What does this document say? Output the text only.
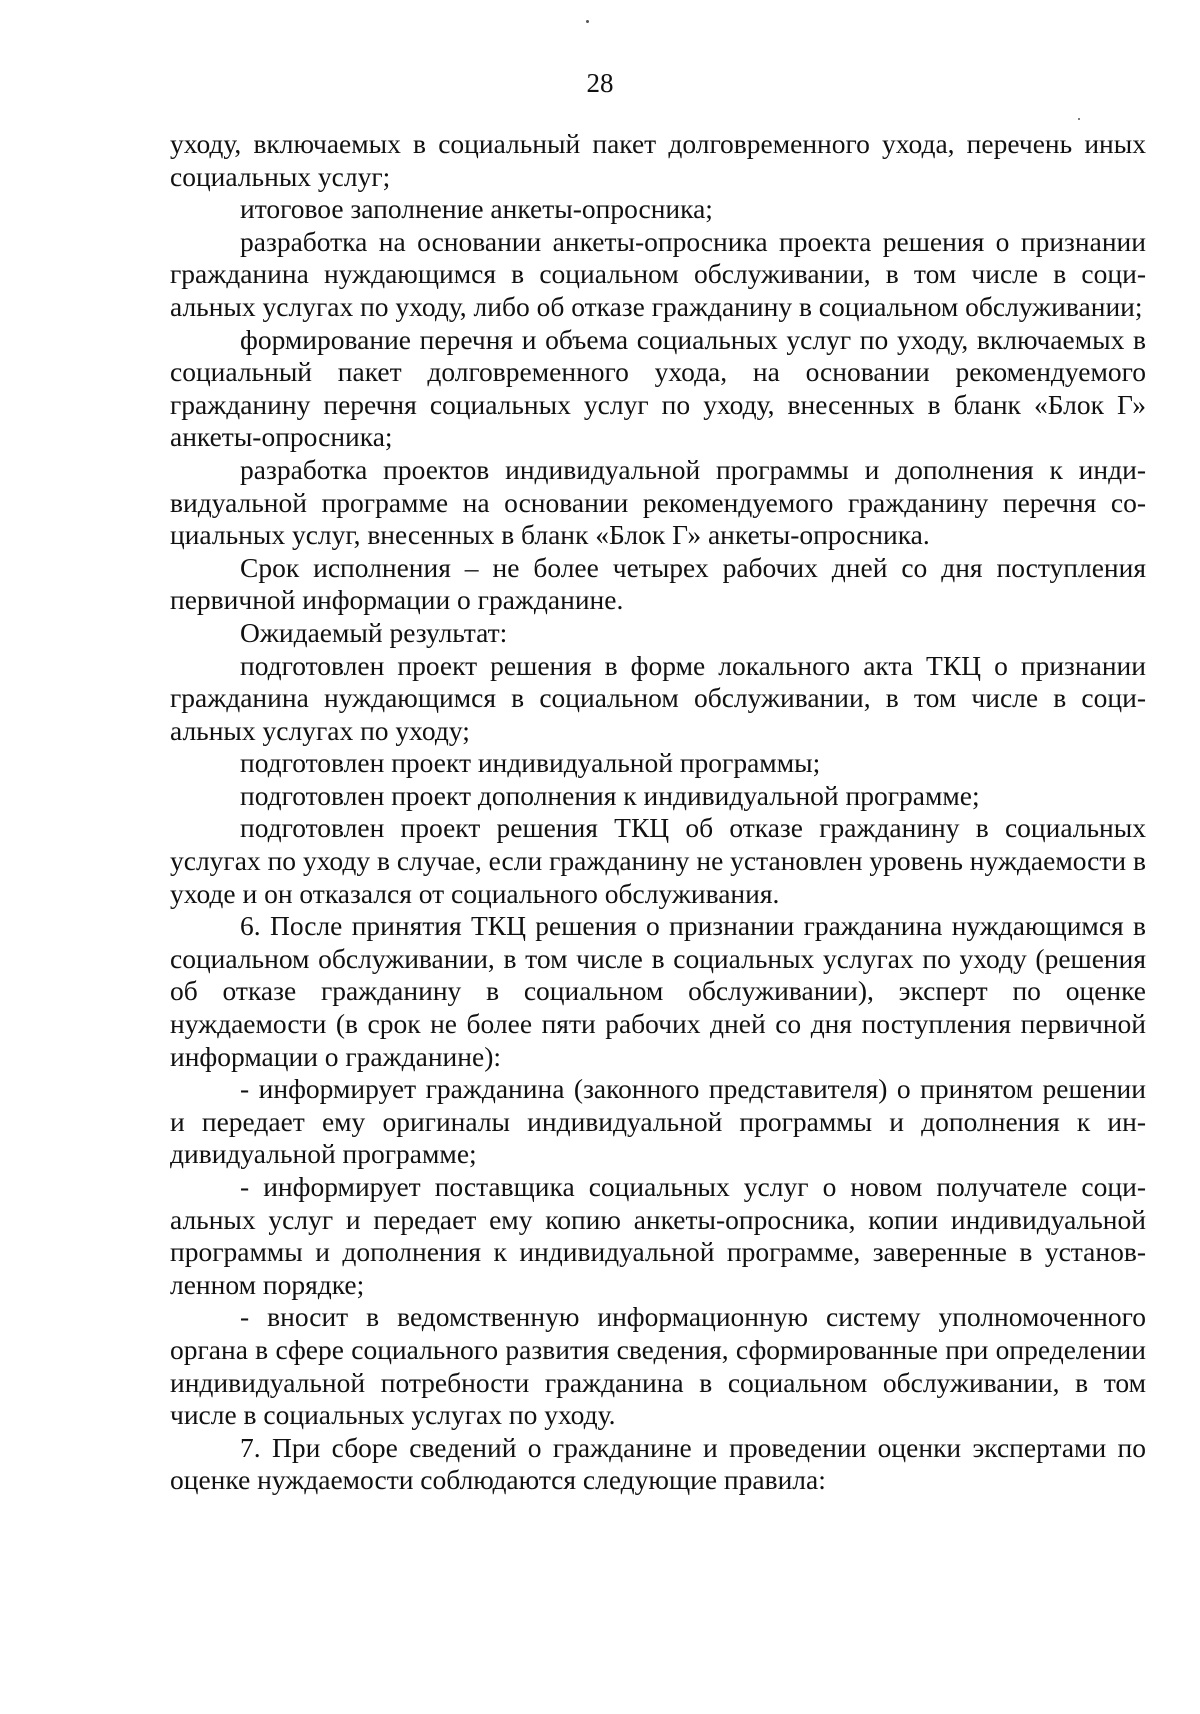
28

уходу, включаемых в социальный пакет долговременного ухода, перечень иных социальных услуг;

итоговое заполнение анкеты-опросника;

разработка на основании анкеты-опросника проекта решения о признании гражданина нуждающимся в социальном обслуживании, в том числе в социальных услугах по уходу, либо об отказе гражданину в социальном обслуживании;

формирование перечня и объема социальных услуг по уходу, включаемых в социальный пакет долговременного ухода, на основании рекомендуемого гражданину перечня социальных услуг по уходу, внесенных в бланк «Блок Г» анкеты-опросника;

разработка проектов индивидуальной программы и дополнения к индивидуальной программе на основании рекомендуемого гражданину перечня социальных услуг, внесенных в бланк «Блок Г» анкеты-опросника.

Срок исполнения – не более четырех рабочих дней со дня поступления первичной информации о гражданине.

Ожидаемый результат:

подготовлен проект решения в форме локального акта ТКЦ о признании гражданина нуждающимся в социальном обслуживании, в том числе в социальных услугах по уходу;

подготовлен проект индивидуальной программы;

подготовлен проект дополнения к индивидуальной программе;

подготовлен проект решения ТКЦ об отказе гражданину в социальных услугах по уходу в случае, если гражданину не установлен уровень нуждаемости в уходе и он отказался от социального обслуживания.

6. После принятия ТКЦ решения о признании гражданина нуждающимся в социальном обслуживании, в том числе в социальных услугах по уходу (решения об отказе гражданину в социальном обслуживании), эксперт по оценке нуждаемости (в срок не более пяти рабочих дней со дня поступления первичной информации о гражданине):

- информирует гражданина (законного представителя) о принятом решении и передает ему оригиналы индивидуальной программы и дополнения к индивидуальной программе;

- информирует поставщика социальных услуг о новом получателе социальных услуг и передает ему копию анкеты-опросника, копии индивидуальной программы и дополнения к индивидуальной программе, заверенные в установленном порядке;

- вносит в ведомственную информационную систему уполномоченного органа в сфере социального развития сведения, сформированные при определении индивидуальной потребности гражданина в социальном обслуживании, в том числе в социальных услугах по уходу.

7. При сборе сведений о гражданине и проведении оценки экспертами по оценке нуждаемости соблюдаются следующие правила:
